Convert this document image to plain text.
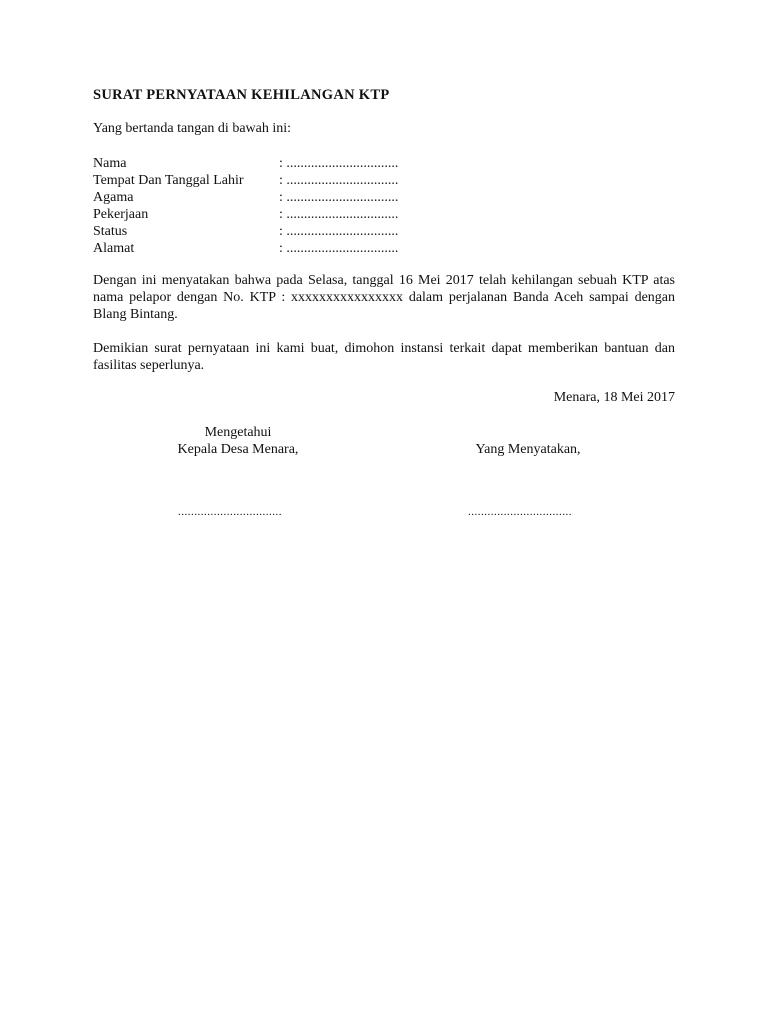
SURAT PERNYATAAN KEHILANGAN KTP
Yang bertanda tangan di bawah ini:
Nama	: ................................
Tempat Dan Tanggal Lahir	: ................................
Agama	: ................................
Pekerjaan	: ................................
Status	: ................................
Alamat	: ................................
Dengan ini menyatakan bahwa pada Selasa, tanggal 16 Mei 2017 telah kehilangan sebuah KTP atas nama pelapor dengan No. KTP : xxxxxxxxxxxxxxxx dalam perjalanan Banda Aceh sampai dengan Blang Bintang.
Demikian surat pernyataan ini kami buat, dimohon instansi terkait dapat memberikan bantuan dan fasilitas seperlunya.
Menara, 18 Mei 2017
Mengetahui
Kepala Desa Menara,	Yang Menyatakan,
................................	................................
